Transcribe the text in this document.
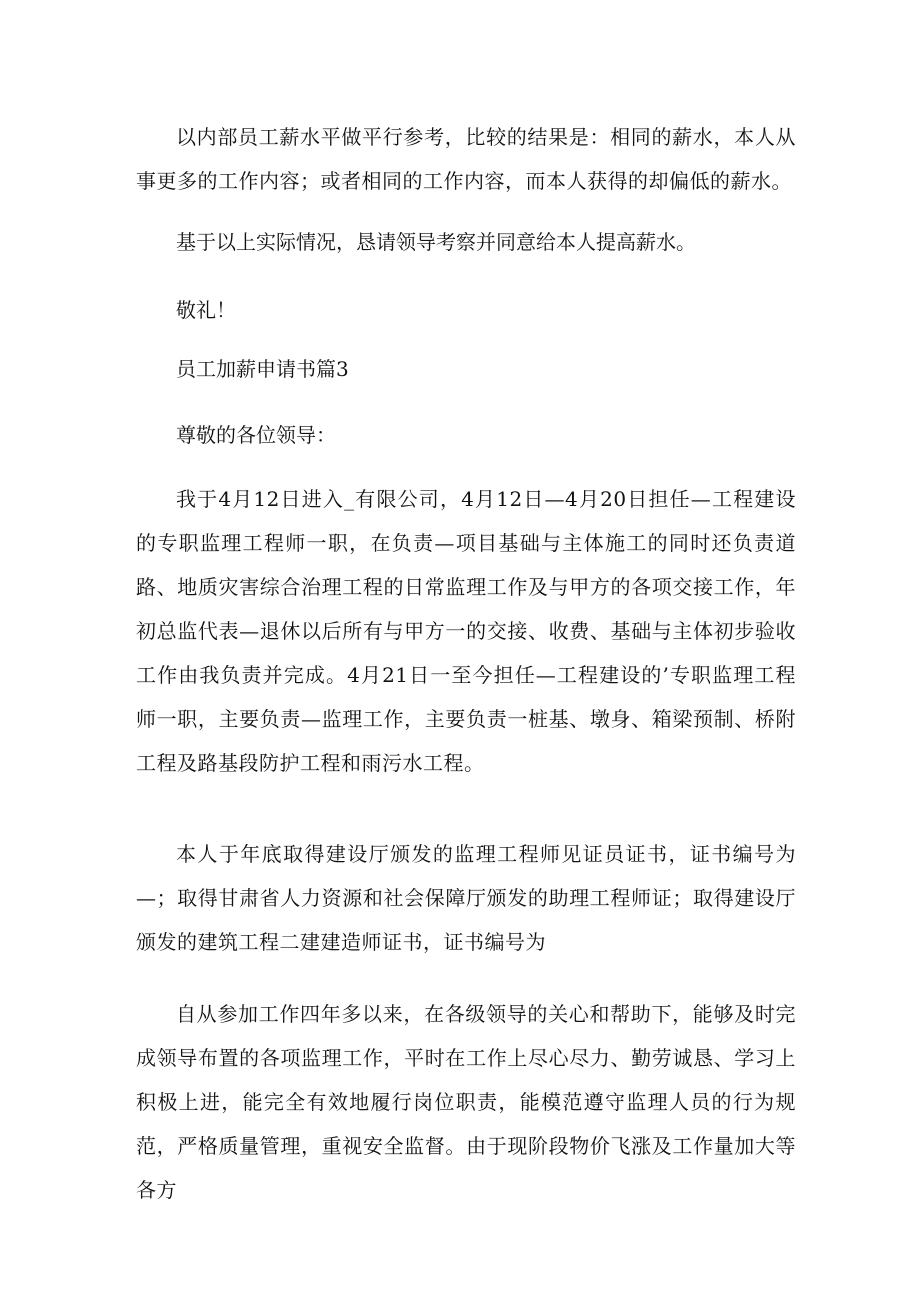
以内部员工薪水平做平行参考，比较的结果是：相同的薪水，本人从事更多的工作内容；或者相同的工作内容，而本人获得的却偏低的薪水。

基于以上实际情况，恳请领导考察并同意给本人提高薪水。

敬礼！

员工加薪申请书篇3

尊敬的各位领导：

我于4月12日进入_有限公司，4月12日—4月20日担任—工程建设的专职监理工程师一职，在负责—项目基础与主体施工的同时还负责道路、地质灾害综合治理工程的日常监理工作及与甲方的各项交接工作，年初总监代表—退休以后所有与甲方一的交接、收费、基础与主体初步验收工作由我负责并完成。4月21日一至今担任—工程建设的’专职监理工程师一职，主要负责—监理工作，主要负责一桩基、墩身、箱梁预制、桥附工程及路基段防护工程和雨污水工程。

本人于年底取得建设厅颁发的监理工程师见证员证书，证书编号为—；取得甘肃省人力资源和社会保障厅颁发的助理工程师证；取得建设厅颁发的建筑工程二建建造师证书，证书编号为

自从参加工作四年多以来，在各级领导的关心和帮助下，能够及时完成领导布置的各项监理工作，平时在工作上尽心尽力、勤劳诚恳、学习上积极上进，能完全有效地履行岗位职责，能模范遵守监理人员的行为规范，严格质量管理，重视安全监督。由于现阶段物价飞涨及工作量加大等各方
